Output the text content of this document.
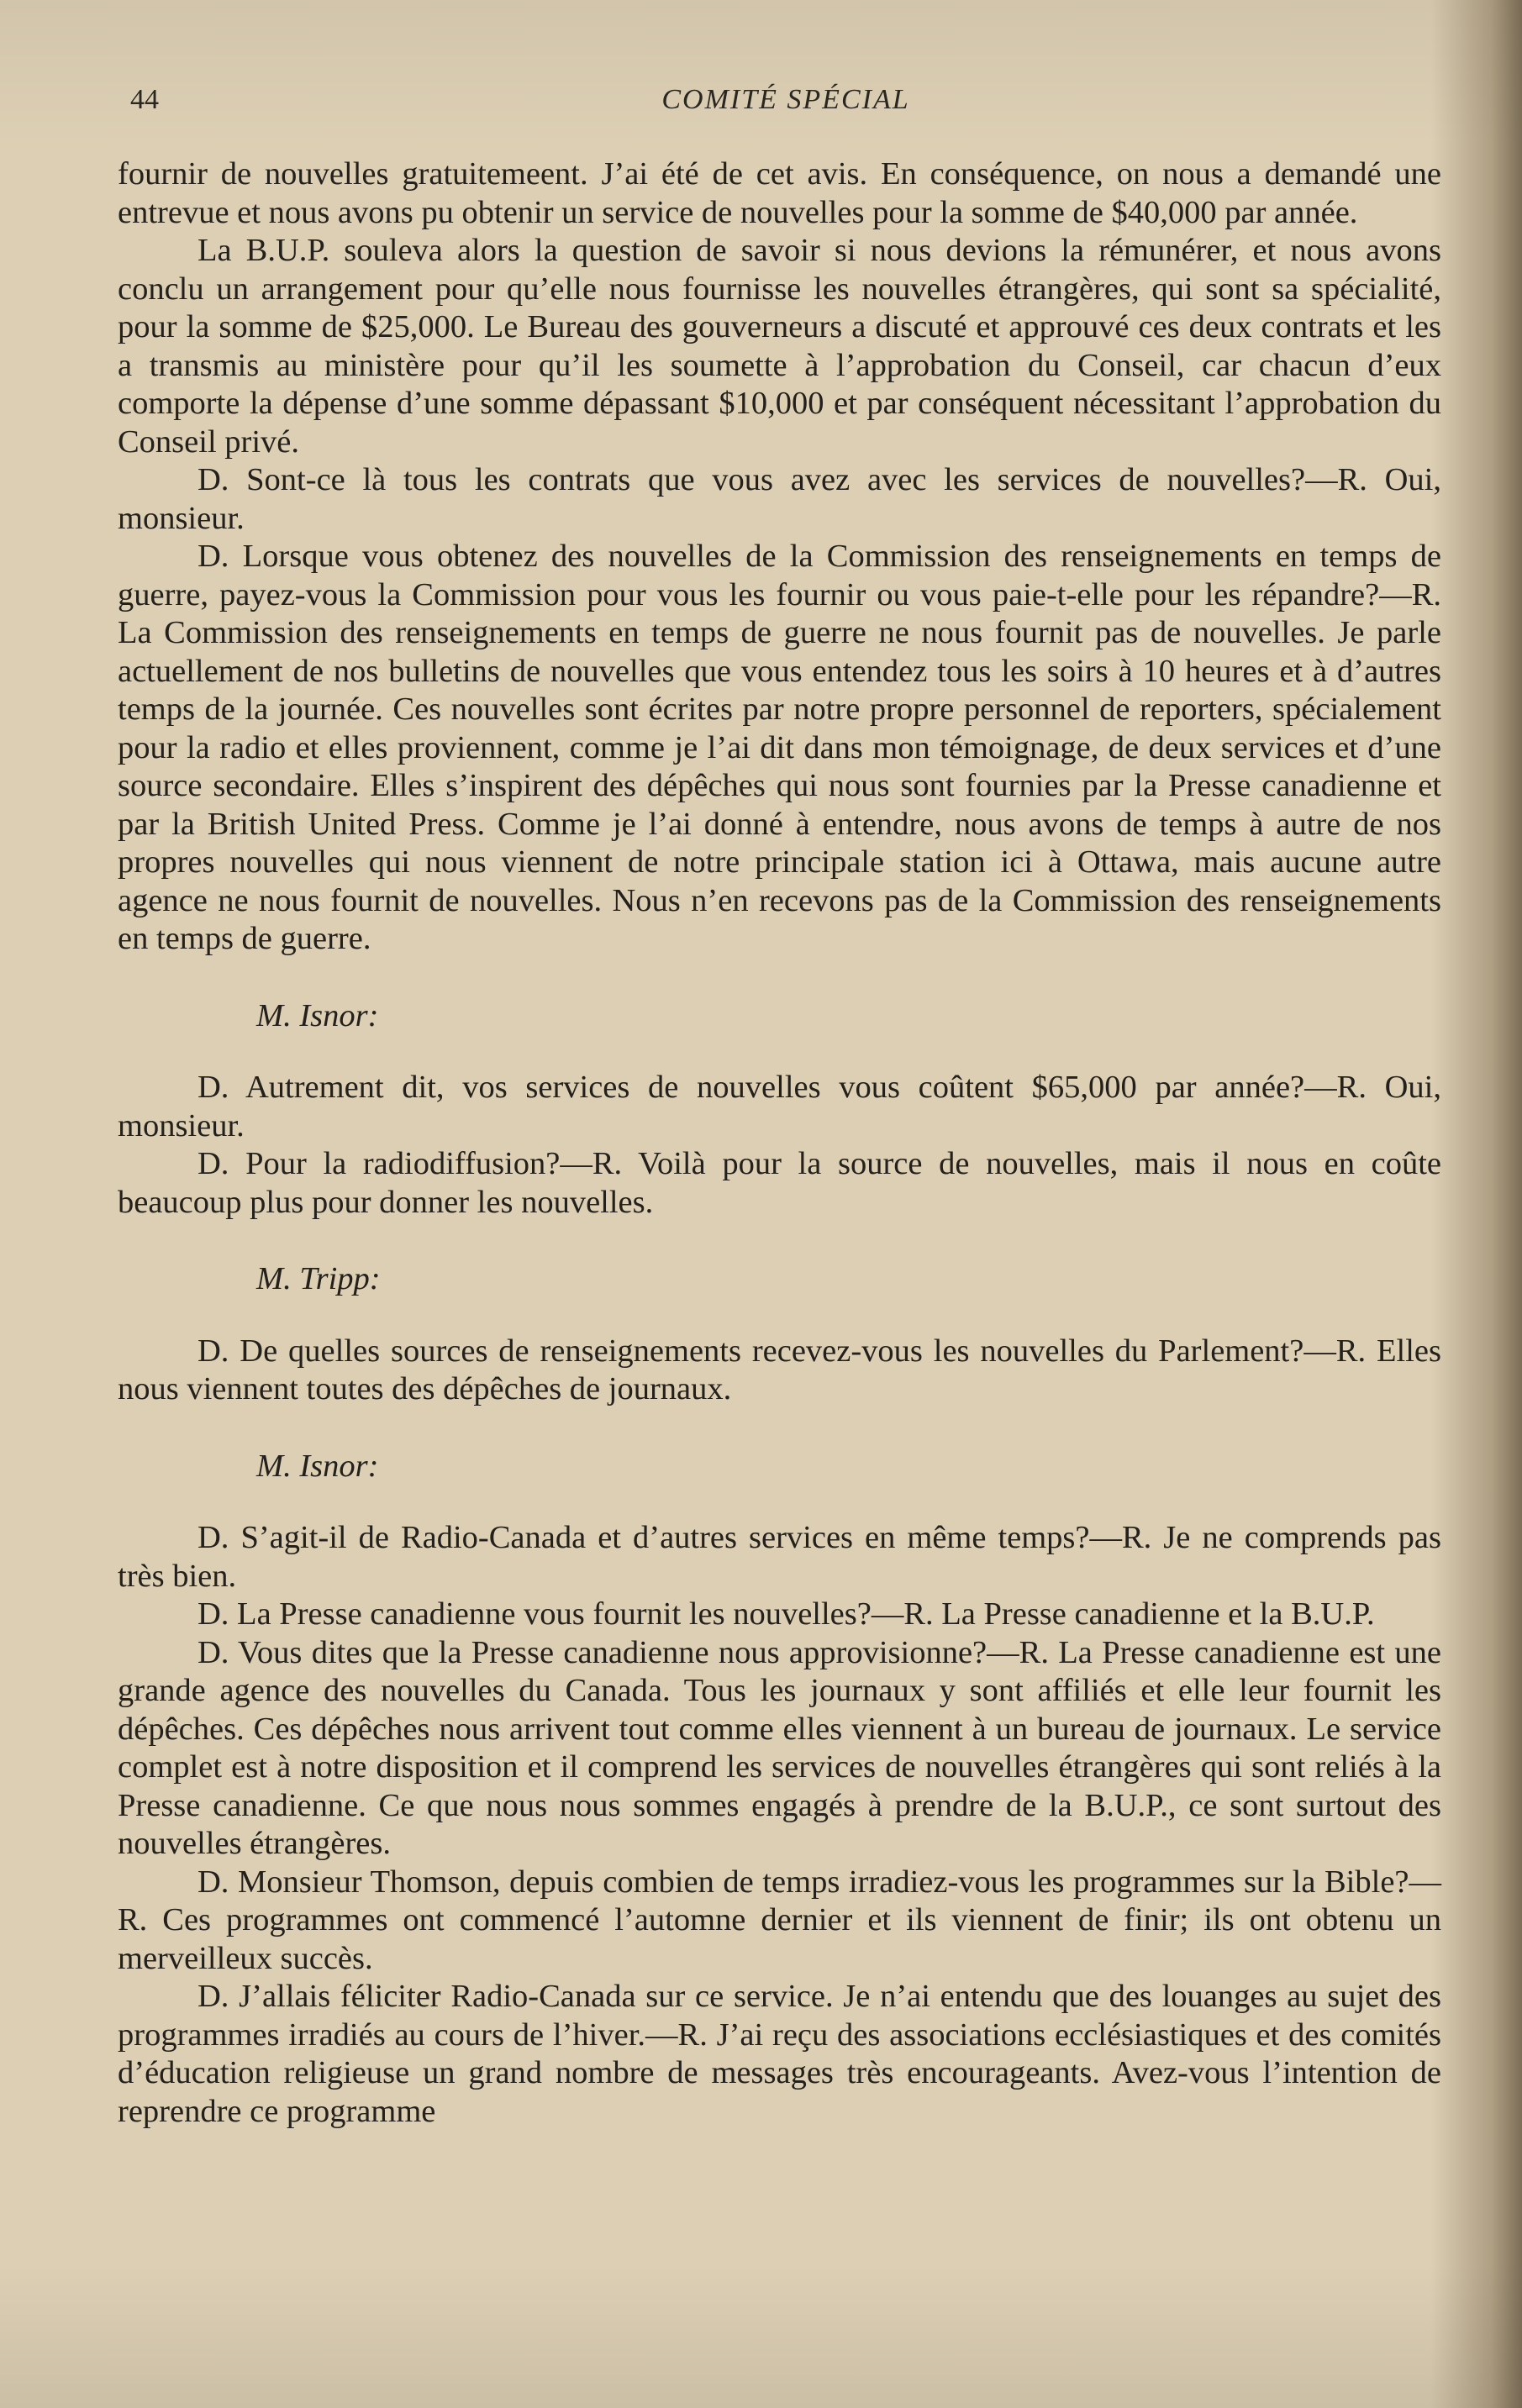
44	COMITÉ SPÉCIAL

fournir de nouvelles gratuitemeent. J’ai été de cet avis. En conséquence, on nous a demandé une entrevue et nous avons pu obtenir un service de nouvelles pour la somme de $40,000 par année.

La B.U.P. souleva alors la question de savoir si nous devions la rémunérer, et nous avons conclu un arrangement pour qu’elle nous fournisse les nouvelles étrangères, qui sont sa spécialité, pour la somme de $25,000. Le Bureau des gouverneurs a discuté et approuvé ces deux contrats et les a transmis au ministère pour qu’il les soumette à l’approbation du Conseil, car chacun d’eux comporte la dépense d’une somme dépassant $10,000 et par conséquent nécessitant l’approbation du Conseil privé.

D. Sont-ce là tous les contrats que vous avez avec les services de nouvelles?—R. Oui, monsieur.

D. Lorsque vous obtenez des nouvelles de la Commission des renseignements en temps de guerre, payez-vous la Commission pour vous les fournir ou vous paie-t-elle pour les répandre?—R. La Commission des renseignements en temps de guerre ne nous fournit pas de nouvelles. Je parle actuellement de nos bulletins de nouvelles que vous entendez tous les soirs à 10 heures et à d’autres temps de la journée. Ces nouvelles sont écrites par notre propre personnel de reporters, spécialement pour la radio et elles proviennent, comme je l’ai dit dans mon témoignage, de deux services et d’une source secondaire. Elles s’inspirent des dépêches qui nous sont fournies par la Presse canadienne et par la British United Press. Comme je l’ai donné à entendre, nous avons de temps à autre de nos propres nouvelles qui nous viennent de notre principale station ici à Ottawa, mais aucune autre agence ne nous fournit de nouvelles. Nous n’en recevons pas de la Commission des renseignements en temps de guerre.

M. Isnor:

D. Autrement dit, vos services de nouvelles vous coûtent $65,000 par année?—R. Oui, monsieur.

D. Pour la radiodiffusion?—R. Voilà pour la source de nouvelles, mais il nous en coûte beaucoup plus pour donner les nouvelles.

M. Tripp:

D. De quelles sources de renseignements recevez-vous les nouvelles du Parlement?—R. Elles nous viennent toutes des dépêches de journaux.

M. Isnor:

D. S’agit-il de Radio-Canada et d’autres services en même temps?—R. Je ne comprends pas très bien.

D. La Presse canadienne vous fournit les nouvelles?—R. La Presse canadienne et la B.U.P.

D. Vous dites que la Presse canadienne nous approvisionne?—R. La Presse canadienne est une grande agence des nouvelles du Canada. Tous les journaux y sont affiliés et elle leur fournit les dépêches. Ces dépêches nous arrivent tout comme elles viennent à un bureau de journaux. Le service complet est à notre disposition et il comprend les services de nouvelles étrangères qui sont reliés à la Presse canadienne. Ce que nous nous sommes engagés à prendre de la B.U.P., ce sont surtout des nouvelles étrangères.

D. Monsieur Thomson, depuis combien de temps irradiez-vous les programmes sur la Bible?—R. Ces programmes ont commencé l’automne dernier et ils viennent de finir; ils ont obtenu un merveilleux succès.

D. J’allais féliciter Radio-Canada sur ce service. Je n’ai entendu que des louanges au sujet des programmes irradiés au cours de l’hiver.—R. J’ai reçu des associations ecclésiastiques et des comités d’éducation religieuse un grand nombre de messages très encourageants. Avez-vous l’intention de reprendre ce programme
